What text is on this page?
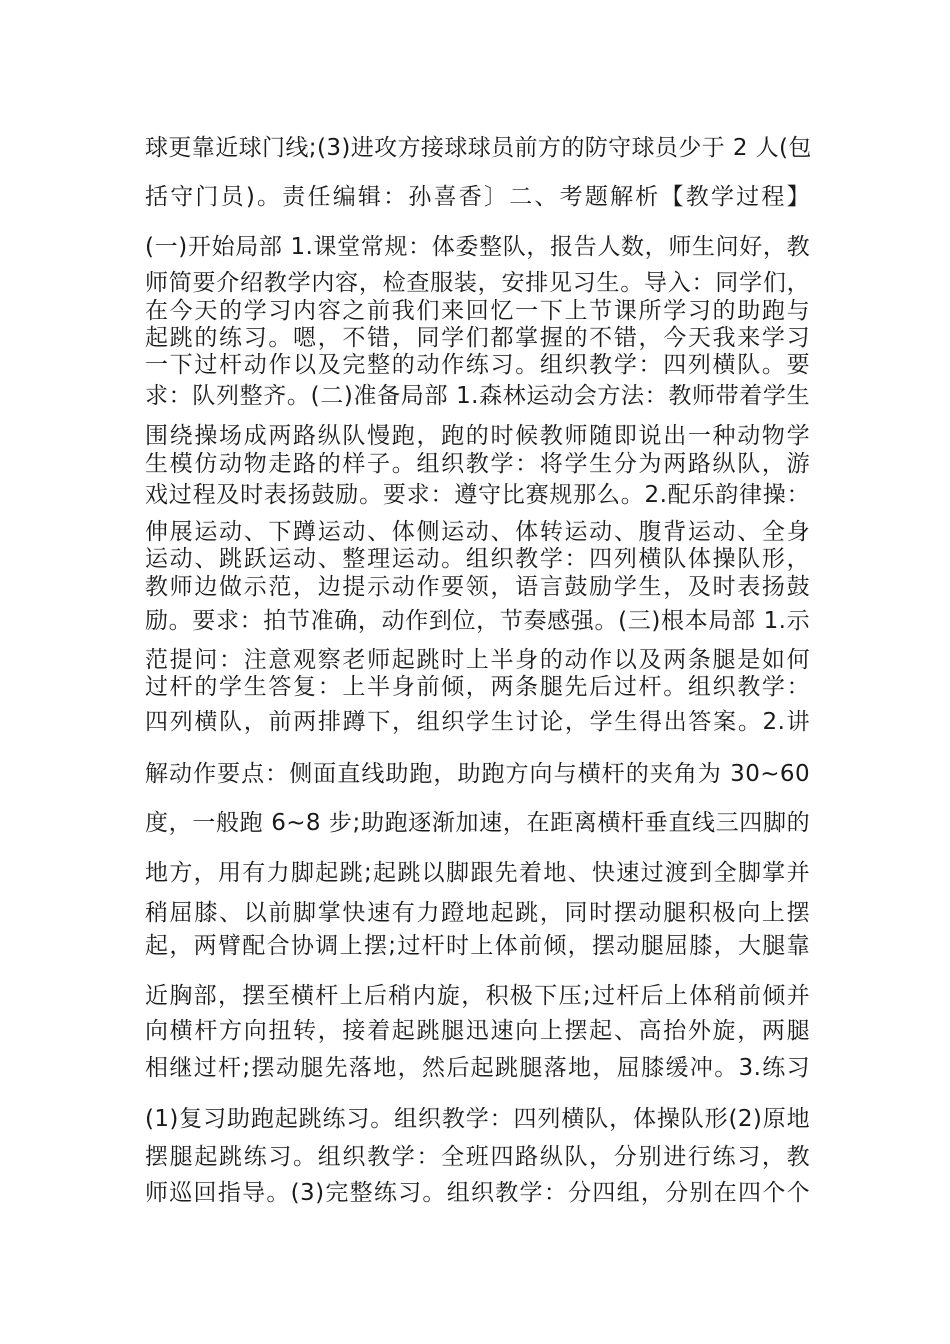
球更靠近球门线;(3)进攻方接球球员前方的防守球员少于 2 人(包
括守门员)。责任编辑：孙喜香〕二、考题解析【教学过程】
(一)开始局部 1.课堂常规：体委整队，报告人数，师生问好，教
师简要介绍教学内容，检查服装，安排见习生。导入：同学们，
在今天的学习内容之前我们来回忆一下上节课所学习的助跑与
起跳的练习。嗯，不错，同学们都掌握的不错，今天我来学习
一下过杆动作以及完整的动作练习。组织教学：四列横队。要
求：队列整齐。(二)准备局部 1.森林运动会方法：教师带着学生
围绕操场成两路纵队慢跑，跑的时候教师随即说出一种动物学
生模仿动物走路的样子。组织教学：将学生分为两路纵队，游
戏过程及时表扬鼓励。要求：遵守比赛规那么。2.配乐韵律操：
伸展运动、下蹲运动、体侧运动、体转运动、腹背运动、全身
运动、跳跃运动、整理运动。组织教学：四列横队体操队形，
教师边做示范，边提示动作要领，语言鼓励学生，及时表扬鼓
励。要求：拍节准确，动作到位，节奏感强。(三)根本局部 1.示
范提问：注意观察老师起跳时上半身的动作以及两条腿是如何
过杆的学生答复：上半身前倾，两条腿先后过杆。组织教学：
四列横队，前两排蹲下，组织学生讨论，学生得出答案。2.讲
解动作要点：侧面直线助跑，助跑方向与横杆的夹角为 30~60
度，一般跑 6~8 步;助跑逐渐加速，在距离横杆垂直线三四脚的
地方，用有力脚起跳;起跳以脚跟先着地、快速过渡到全脚掌并
稍屈膝、以前脚掌快速有力蹬地起跳，同时摆动腿积极向上摆
起，两臂配合协调上摆;过杆时上体前倾，摆动腿屈膝，大腿靠
近胸部，摆至横杆上后稍内旋，积极下压;过杆后上体稍前倾并
向横杆方向扭转，接着起跳腿迅速向上摆起、高抬外旋，两腿
相继过杆;摆动腿先落地，然后起跳腿落地，屈膝缓冲。3.练习
(1)复习助跑起跳练习。组织教学：四列横队，体操队形(2)原地
摆腿起跳练习。组织教学：全班四路纵队，分别进行练习，教
师巡回指导。(3)完整练习。组织教学：分四组，分别在四个个
